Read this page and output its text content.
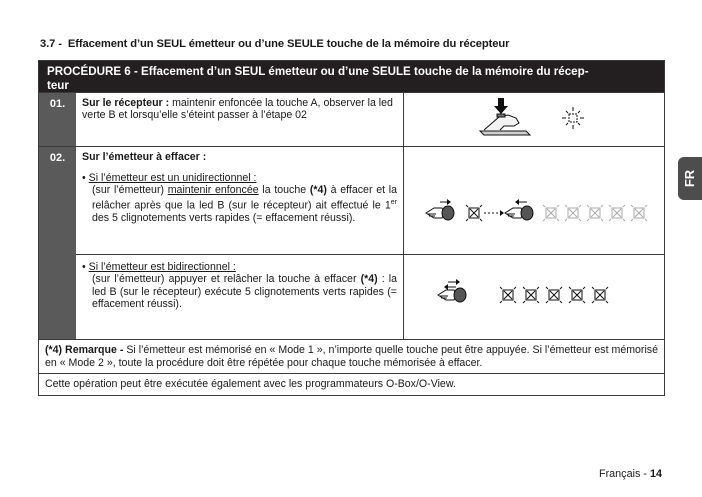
3.7 - Effacement d’un SEUL émetteur ou d’une SEULE touche de la mémoire du récepteur
PROCÉDURE 6 - Effacement d’un SEUL émetteur ou d’une SEULE touche de la mémoire du récep-
teur
01.	Sur le récepteur : maintenir enfoncée la touche A, observer la led verte B et lorsqu’elle s’éteint passer à l’étape 02
02.	Sur l’émetteur à effacer :
• Si l’émetteur est un unidirectionnel :
(sur l’émetteur) maintenir enfoncée la touche (*4) à effacer et la relâcher après que la led B (sur le récepteur) ait effectué le 1er des 5 clignotements verts rapides (= effacement réussi).
• Si l’émetteur est bidirectionnel :
(sur l’émetteur) appuyer et relâcher la touche à effacer (*4) : la led B (sur le récepteur) exécute 5 clignotements verts rapides (= effacement réussi).
(*4) Remarque - Si l’émetteur est mémorisé en « Mode 1 », n’importe quelle touche peut être appuyée. Si l’émetteur est mémorisé en « Mode 2 », toute la procédure doit être répétée pour chaque touche mémorisée à effacer.
Cette opération peut être exécutée également avec les programmateurs O-Box/O-View.
FR
Français - 14
